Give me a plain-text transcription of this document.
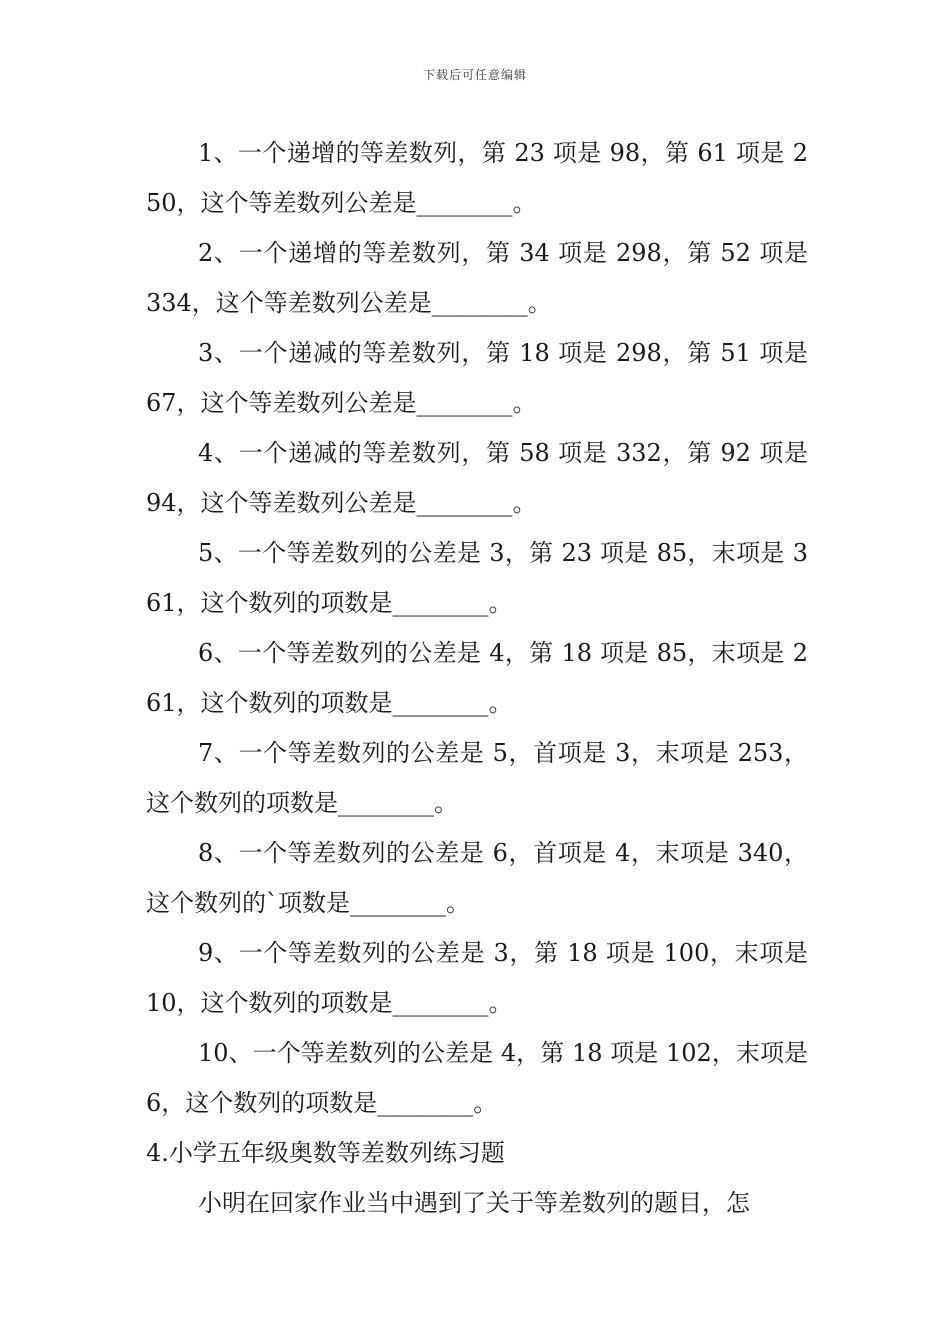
下载后可任意编辑

1、一个递增的等差数列，第 23 项是 98，第 61 项是 250，这个等差数列公差是________。

2、一个递增的等差数列，第 34 项是 298，第 52 项是 334，这个等差数列公差是________。

3、一个递减的等差数列，第 18 项是 298，第 51 项是 67，这个等差数列公差是________。

4、一个递减的等差数列，第 58 项是 332，第 92 项是 94，这个等差数列公差是________。

5、一个等差数列的公差是 3，第 23 项是 85，末项是 361，这个数列的项数是________。

6、一个等差数列的公差是 4，第 18 项是 85，末项是 261，这个数列的项数是________。

7、一个等差数列的公差是 5，首项是 3，末项是 253，这个数列的项数是________。

8、一个等差数列的公差是 6，首项是 4，末项是 340，这个数列的`项数是________。

9、一个等差数列的公差是 3，第 18 项是 100，末项是 10，这个数列的项数是________。

10、一个等差数列的公差是 4，第 18 项是 102，末项是 6，这个数列的项数是________。

4.小学五年级奥数等差数列练习题

小明在回家作业当中遇到了关于等差数列的题目，怎
